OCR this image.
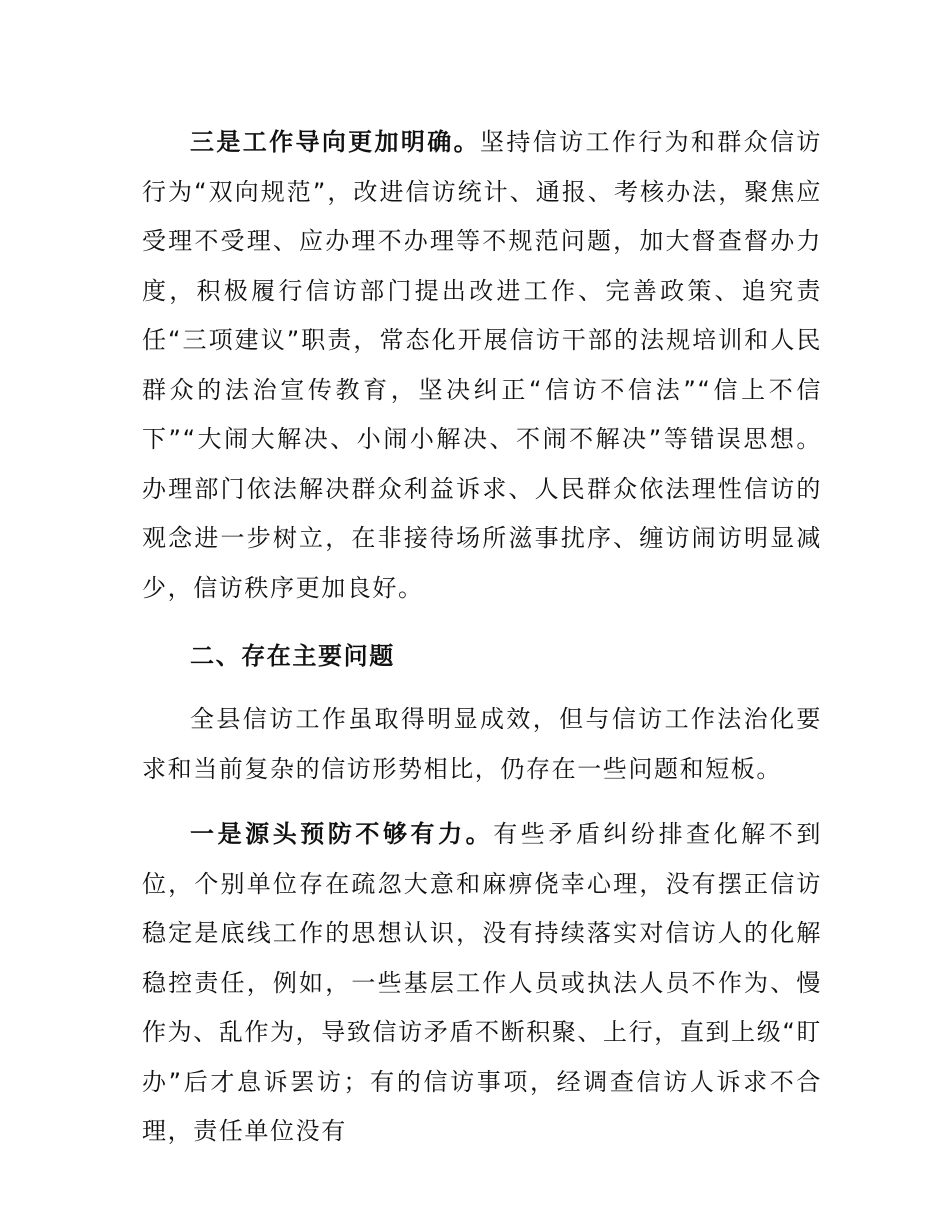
三是工作导向更加明确。坚持信访工作行为和群众信访行为“双向规范”，改进信访统计、通报、考核办法，聚焦应受理不受理、应办理不办理等不规范问题，加大督查督办力度，积极履行信访部门提出改进工作、完善政策、追究责任“三项建议”职责，常态化开展信访干部的法规培训和人民群众的法治宣传教育，坚决纠正“信访不信法”“信上不信下”“大闹大解决、小闹小解决、不闹不解决”等错误思想。办理部门依法解决群众利益诉求、人民群众依法理性信访的观念进一步树立，在非接待场所滋事扰序、缠访闹访明显减少，信访秩序更加良好。

二、存在主要问题

全县信访工作虽取得明显成效，但与信访工作法治化要求和当前复杂的信访形势相比，仍存在一些问题和短板。

一是源头预防不够有力。有些矛盾纠纷排查化解不到位，个别单位存在疏忽大意和麻痹侥幸心理，没有摆正信访稳定是底线工作的思想认识，没有持续落实对信访人的化解稳控责任，例如，一些基层工作人员或执法人员不作为、慢作为、乱作为，导致信访矛盾不断积聚、上行，直到上级“盯办”后才息诉罢访；有的信访事项，经调查信访人诉求不合理，责任单位没有
